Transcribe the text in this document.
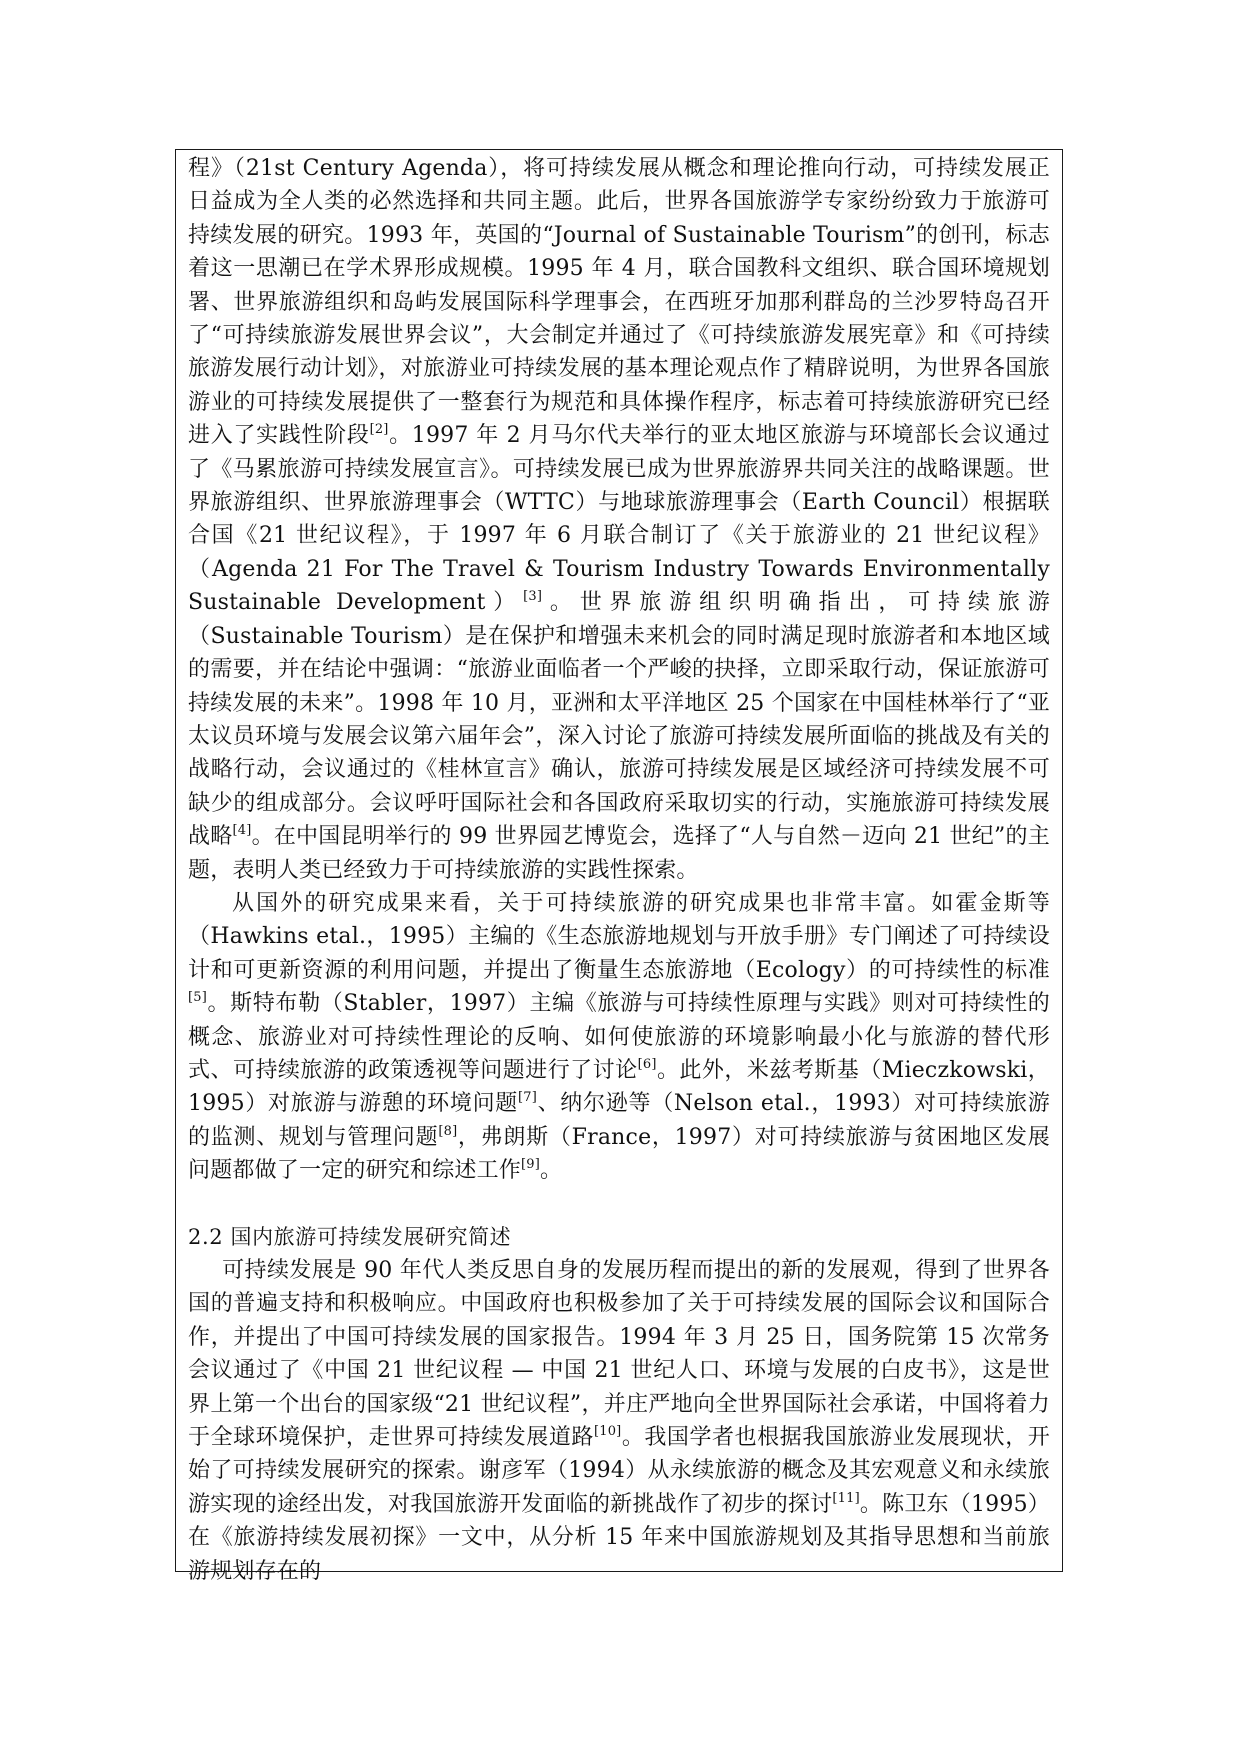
程》（21st Century Agenda），将可持续发展从概念和理论推向行动，可持续发展正日益成为全人类的必然选择和共同主题。此后，世界各国旅游学专家纷纷致力于旅游可持续发展的研究。1993 年，英国的“Journal of Sustainable Tourism”的创刊，标志着这一思潮已在学术界形成规模。1995 年 4 月，联合国教科文组织、联合国环境规划署、世界旅游组织和岛屿发展国际科学理事会，在西班牙加那利群岛的兰沙罗特岛召开了“可持续旅游发展世界会议”，大会制定并通过了《可持续旅游发展宪章》和《可持续旅游发展行动计划》，对旅游业可持续发展的基本理论观点作了精辟说明，为世界各国旅游业的可持续发展提供了一整套行为规范和具体操作程序，标志着可持续旅游研究已经进入了实践性阶段[2]。1997 年 2 月马尔代夫举行的亚太地区旅游与环境部长会议通过了《马累旅游可持续发展宣言》。可持续发展已成为世界旅游界共同关注的战略课题。世界旅游组织、世界旅游理事会（WTTC）与地球旅游理事会（Earth Council）根据联合国《21 世纪议程》，于 1997 年 6 月联合制订了《关于旅游业的 21 世纪议程》（Agenda 21 For The Travel & Tourism Industry Towards Environmentally Sustainable Development）[3]。世界旅游组织明确指出，可持续旅游（Sustainable Tourism）是在保护和增强未来机会的同时满足现时旅游者和本地区域的需要，并在结论中强调：“旅游业面临者一个严峻的抉择，立即采取行动，保证旅游可持续发展的未来”。1998 年 10 月，亚洲和太平洋地区 25 个国家在中国桂林举行了“亚太议员环境与发展会议第六届年会”，深入讨论了旅游可持续发展所面临的挑战及有关的战略行动，会议通过的《桂林宣言》确认，旅游可持续发展是区域经济可持续发展不可缺少的组成部分。会议呼吁国际社会和各国政府采取切实的行动，实施旅游可持续发展战略[4]。在中国昆明举行的 99 世界园艺博览会，选择了“人与自然－迈向 21 世纪”的主题，表明人类已经致力于可持续旅游的实践性探索。

从国外的研究成果来看，关于可持续旅游的研究成果也非常丰富。如霍金斯等（Hawkins etal.，1995）主编的《生态旅游地规划与开放手册》专门阐述了可持续设计和可更新资源的利用问题，并提出了衡量生态旅游地（Ecology）的可持续性的标准[5]。斯特布勒（Stabler，1997）主编《旅游与可持续性原理与实践》则对可持续性的概念、旅游业对可持续性理论的反响、如何使旅游的环境影响最小化与旅游的替代形式、可持续旅游的政策透视等问题进行了讨论[6]。此外，米兹考斯基（Mieczkowski，1995）对旅游与游憩的环境问题[7]、纳尔逊等（Nelson etal.，1993）对可持续旅游的监测、规划与管理问题[8]，弗朗斯（France，1997）对可持续旅游与贫困地区发展问题都做了一定的研究和综述工作[9]。

2.2 国内旅游可持续发展研究简述

可持续发展是 90 年代人类反思自身的发展历程而提出的新的发展观，得到了世界各国的普遍支持和积极响应。中国政府也积极参加了关于可持续发展的国际会议和国际合作，并提出了中国可持续发展的国家报告。1994 年 3 月 25 日，国务院第 15 次常务会议通过了《中国 21 世纪议程 — 中国 21 世纪人口、环境与发展的白皮书》，这是世界上第一个出台的国家级“21 世纪议程”，并庄严地向全世界国际社会承诺，中国将着力于全球环境保护，走世界可持续发展道路[10]。我国学者也根据我国旅游业发展现状，开始了可持续发展研究的探索。谢彦军（1994）从永续旅游的概念及其宏观意义和永续旅游实现的途经出发，对我国旅游开发面临的新挑战作了初步的探讨[11]。陈卫东（1995）在《旅游持续发展初探》一文中，从分析 15 年来中国旅游规划及其指导思想和当前旅游规划存在的
